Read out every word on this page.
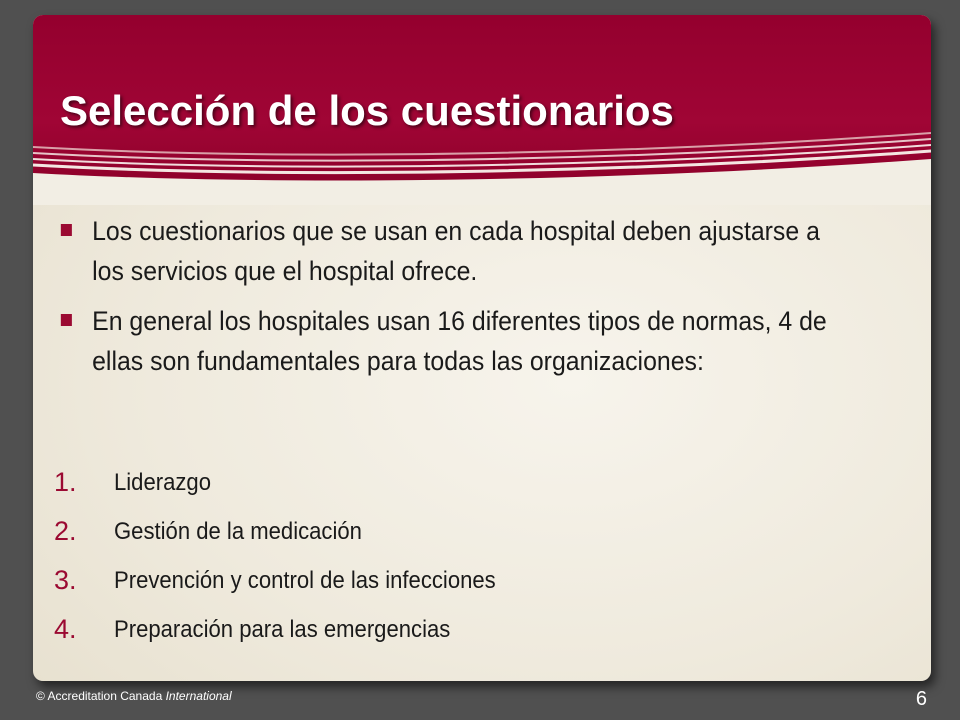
Selección de los cuestionarios
Los cuestionarios que se usan en cada hospital deben ajustarse a los servicios que el hospital ofrece.
En general los hospitales usan 16 diferentes tipos de normas, 4 de ellas son fundamentales para todas las organizaciones:
1.	Liderazgo
2.	Gestión de la medicación
3.	Prevención y control de las infecciones
4.	Preparación para las emergencias
© Accreditation Canada International	6
